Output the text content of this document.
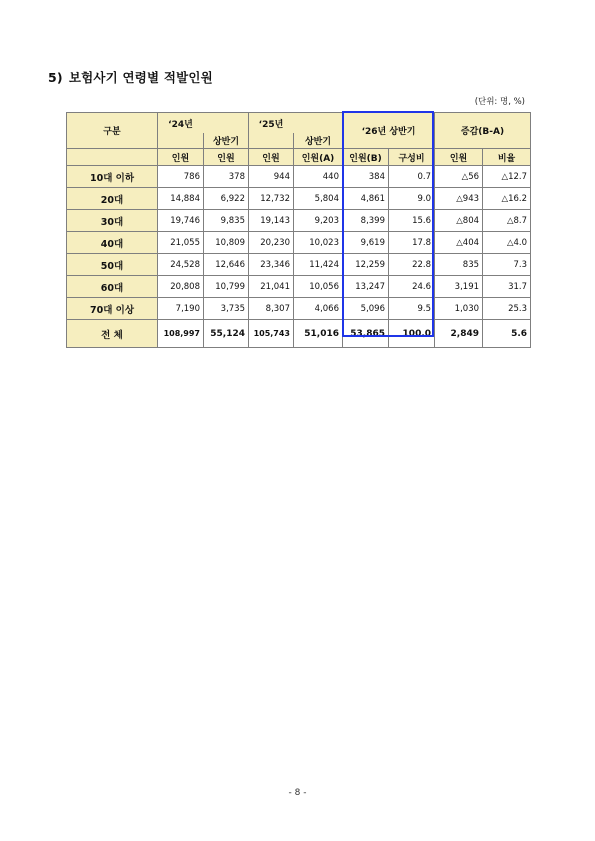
5) 보험사기 연령별 적발인원
(단위: 명, %)
구분	‘24년		‘25년		‘26년 상반기		증감(B-A)	
		상반기		상반기				
	인원	인원	인원	인원(A)	인원(B)	구성비	인원	비율
10대 이하	786	378	944	440	384	0.7	△56	△12.7
20대	14,884	6,922	12,732	5,804	4,861	9.0	△943	△16.2
30대	19,746	9,835	19,143	9,203	8,399	15.6	△804	△8.7
40대	21,055	10,809	20,230	10,023	9,619	17.8	△404	△4.0
50대	24,528	12,646	23,346	11,424	12,259	22.8	835	7.3
60대	20,808	10,799	21,041	10,056	13,247	24.6	3,191	31.7
70대 이상	7,190	3,735	8,307	4,066	5,096	9.5	1,030	25.3
전 체	108,997	55,124	105,743	51,016	53,865	100.0	2,849	5.6
- 8 -
